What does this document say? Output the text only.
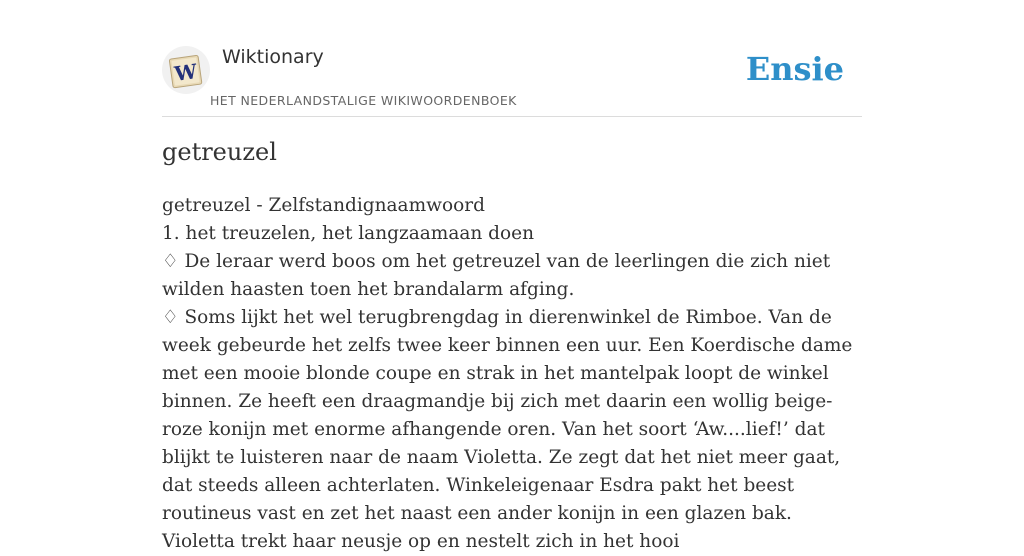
W
Wiktionary
HET NEDERLANDSTALIGE WIKIWOORDENBOEK
Ensie
getreuzel

getreuzel - Zelfstandignaamwoord

1. het treuzelen, het langzaamaan doen

♢ De leraar werd boos om het getreuzel van de leerlingen die zich niet wilden haasten toen het brandalarm afging.

♢ Soms lijkt het wel terugbrengdag in dierenwinkel de Rimboe. Van de week gebeurde het zelfs twee keer binnen een uur. Een Koerdische dame met een mooie blonde coupe en strak in het mantelpak loopt de winkel binnen. Ze heeft een draagmandje bij zich met daarin een wollig beige-roze konijn met enorme afhangende oren. Van het soort ‘Aw....lief!’ dat blijkt te luisteren naar de naam Violetta. Ze zegt dat het niet meer gaat, dat steeds alleen achterlaten. Winkeleigenaar Esdra pakt het beest routineus vast en zet het naast een ander konijn in een glazen bak. Violetta trekt haar neusje op en nestelt zich in het hooi
